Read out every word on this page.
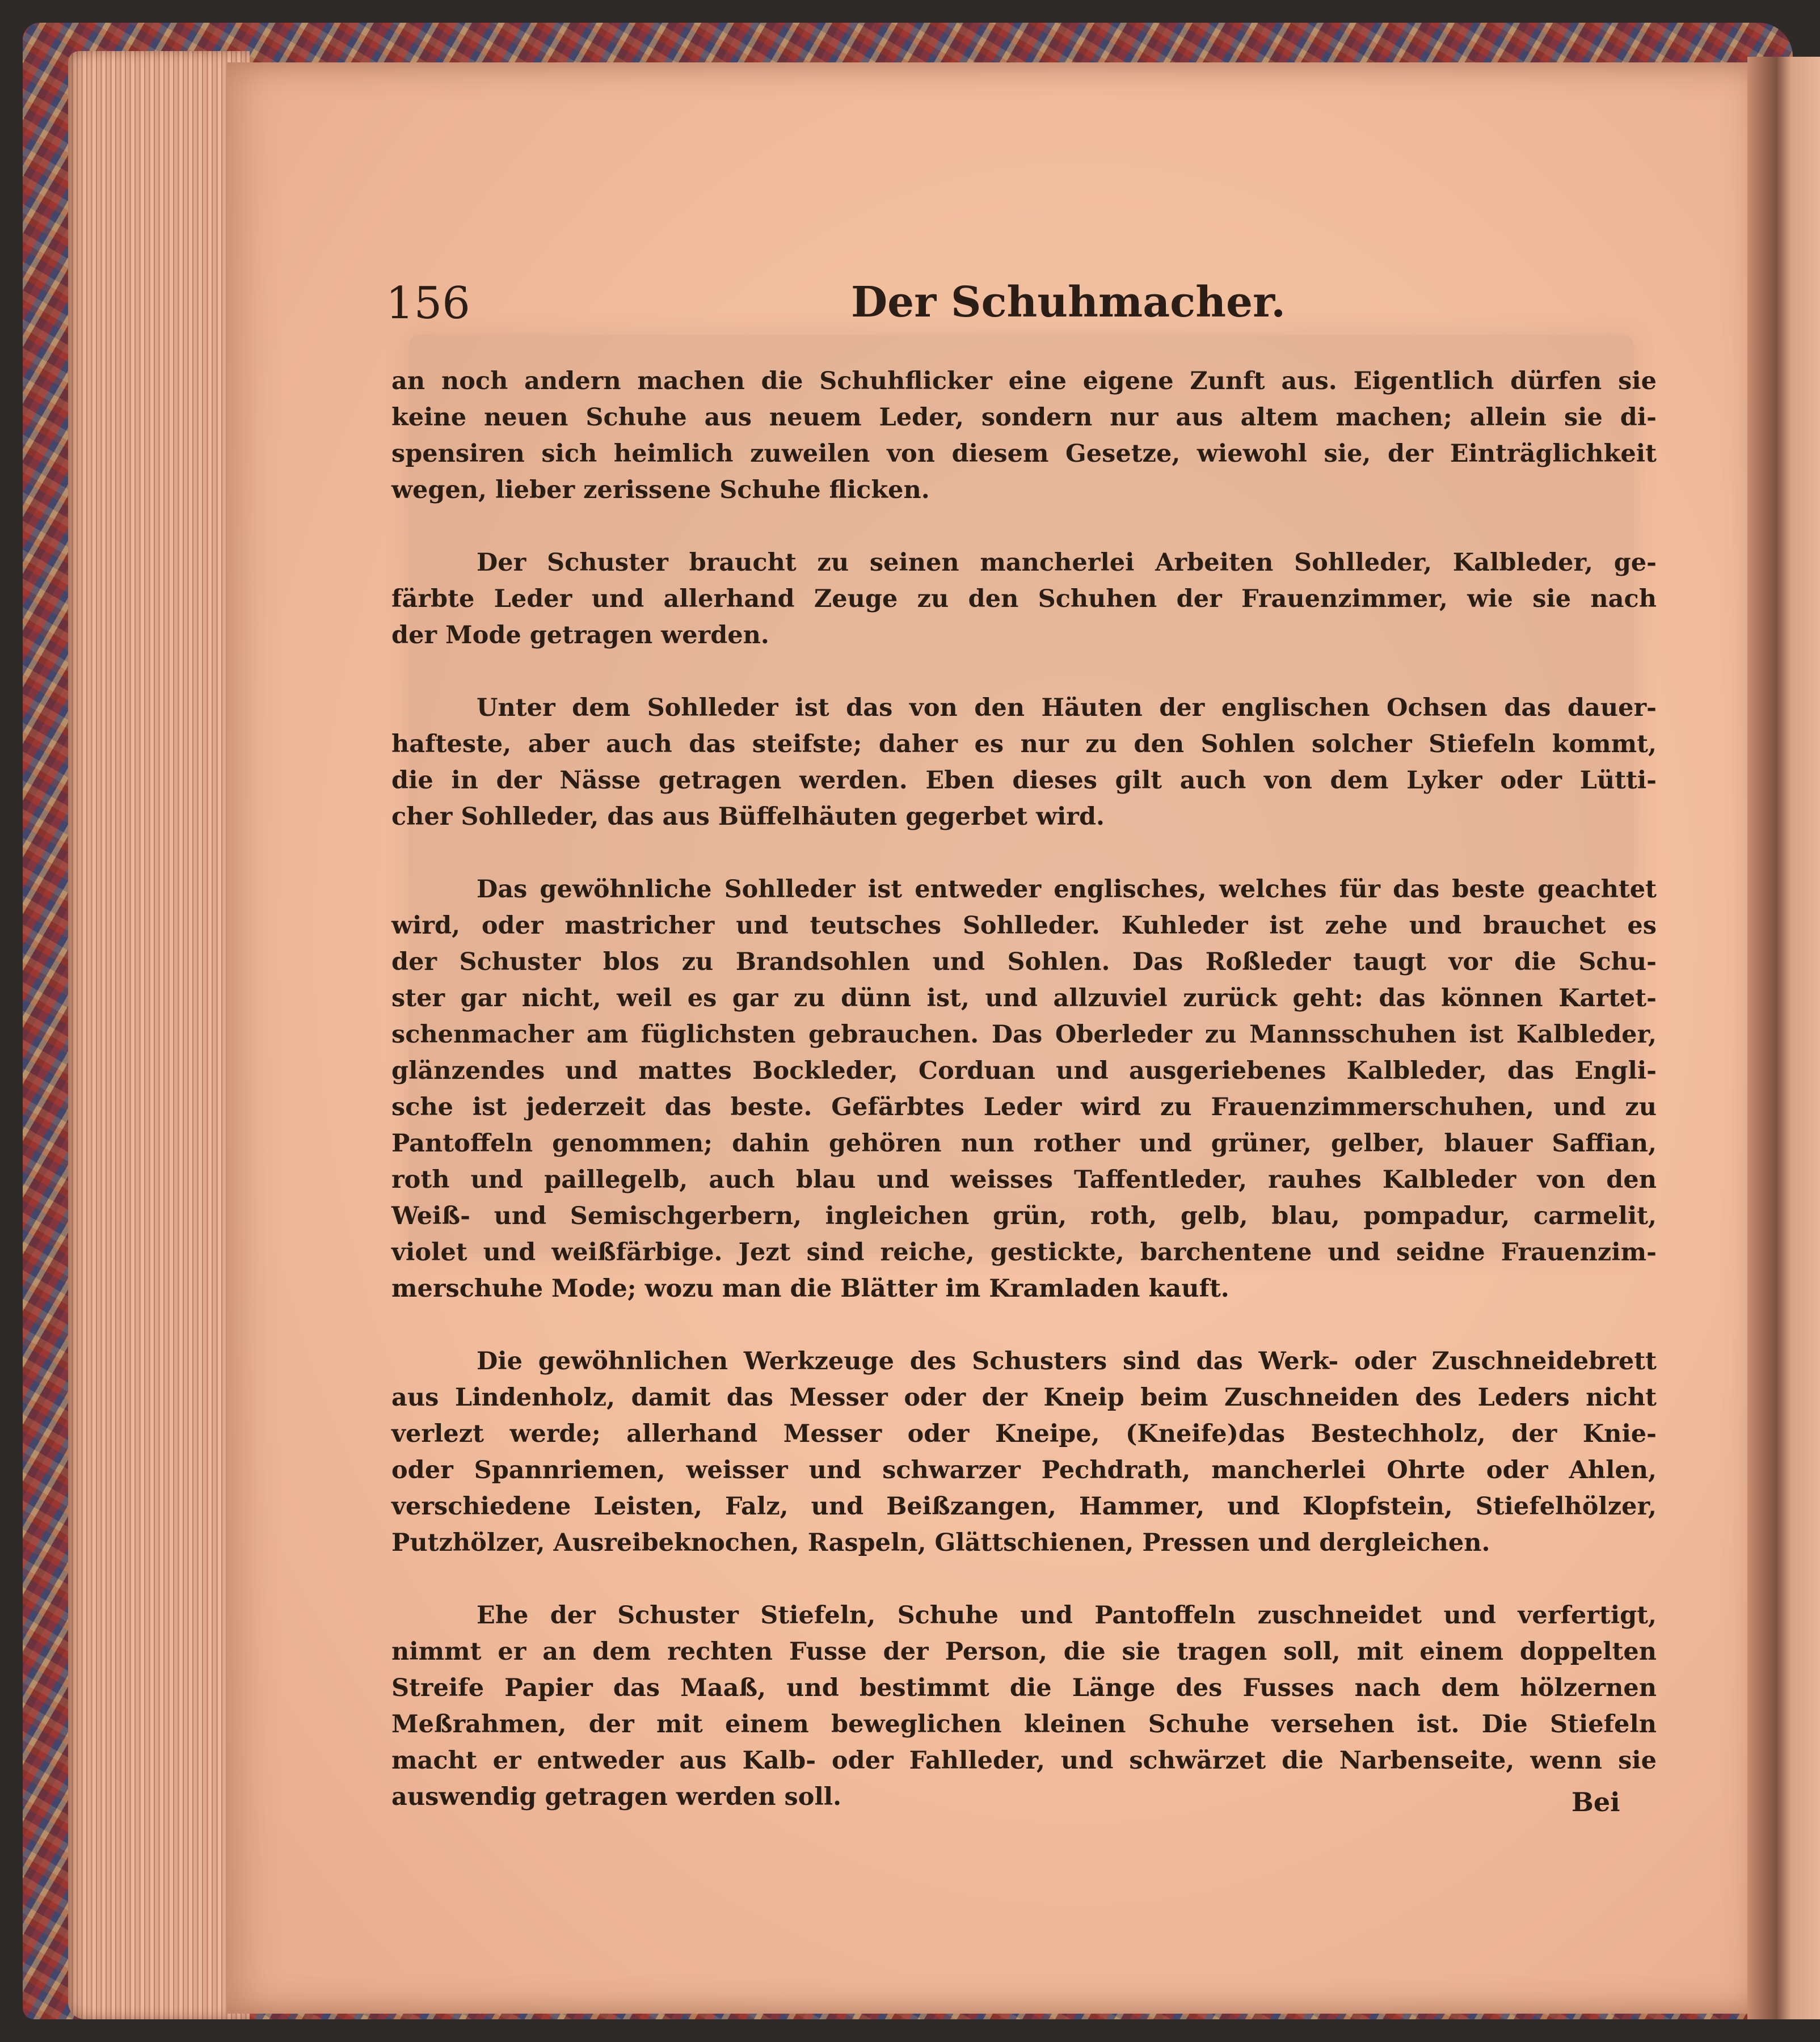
156	Der Schuhmacher.
an noch andern machen die Schuhflicker eine eigene Zunft aus. Eigentlich dürfen sie
keine neuen Schuhe aus neuem Leder, sondern nur aus altem machen; allein sie di-
spensiren sich heimlich zuweilen von diesem Gesetze, wiewohl sie, der Einträglichkeit
wegen, lieber zerissene Schuhe flicken.
Der Schuster braucht zu seinen mancherlei Arbeiten Sohlleder, Kalbleder, ge-
färbte Leder und allerhand Zeuge zu den Schuhen der Frauenzimmer, wie sie nach
der Mode getragen werden.
Unter dem Sohlleder ist das von den Häuten der englischen Ochsen das dauer-
hafteste, aber auch das steifste; daher es nur zu den Sohlen solcher Stiefeln kommt,
die in der Nässe getragen werden. Eben dieses gilt auch von dem Lyker oder Lütti-
cher Sohlleder, das aus Büffelhäuten gegerbet wird.
Das gewöhnliche Sohlleder ist entweder englisches, welches für das beste geachtet
wird, oder mastricher und teutsches Sohlleder. Kuhleder ist zehe und brauchet es
der Schuster blos zu Brandsohlen und Sohlen. Das Roßleder taugt vor die Schu-
ster gar nicht, weil es gar zu dünn ist, und allzuviel zurück geht: das können Kartet-
schenmacher am füglichsten gebrauchen. Das Oberleder zu Mannsschuhen ist Kalbleder,
glänzendes und mattes Bockleder, Corduan und ausgeriebenes Kalbleder, das Engli-
sche ist jederzeit das beste. Gefärbtes Leder wird zu Frauenzimmerschuhen, und zu
Pantoffeln genommen; dahin gehören nun rother und grüner, gelber, blauer Saffian,
roth und paillegelb, auch blau und weisses Taffentleder, rauhes Kalbleder von den
Weiß- und Semischgerbern, ingleichen grün, roth, gelb, blau, pompadur, carmelit,
violet und weißfärbige. Jezt sind reiche, gestickte, barchentene und seidne Frauenzim-
merschuhe Mode; wozu man die Blätter im Kramladen kauft.
Die gewöhnlichen Werkzeuge des Schusters sind das Werk- oder Zuschneidebrett
aus Lindenholz, damit das Messer oder der Kneip beim Zuschneiden des Leders nicht
verlezt werde; allerhand Messer oder Kneipe, (Kneife)das Bestechholz, der Knie-
oder Spannriemen, weisser und schwarzer Pechdrath, mancherlei Ohrte oder Ahlen,
verschiedene Leisten, Falz, und Beißzangen, Hammer, und Klopfstein, Stiefelhölzer,
Putzhölzer, Ausreibeknochen, Raspeln, Glättschienen, Pressen und dergleichen.
Ehe der Schuster Stiefeln, Schuhe und Pantoffeln zuschneidet und verfertigt,
nimmt er an dem rechten Fusse der Person, die sie tragen soll, mit einem doppelten
Streife Papier das Maaß, und bestimmt die Länge des Fusses nach dem hölzernen
Meßrahmen, der mit einem beweglichen kleinen Schuhe versehen ist. Die Stiefeln
macht er entweder aus Kalb- oder Fahlleder, und schwärzet die Narbenseite, wenn sie
auswendig getragen werden soll.	Bei
